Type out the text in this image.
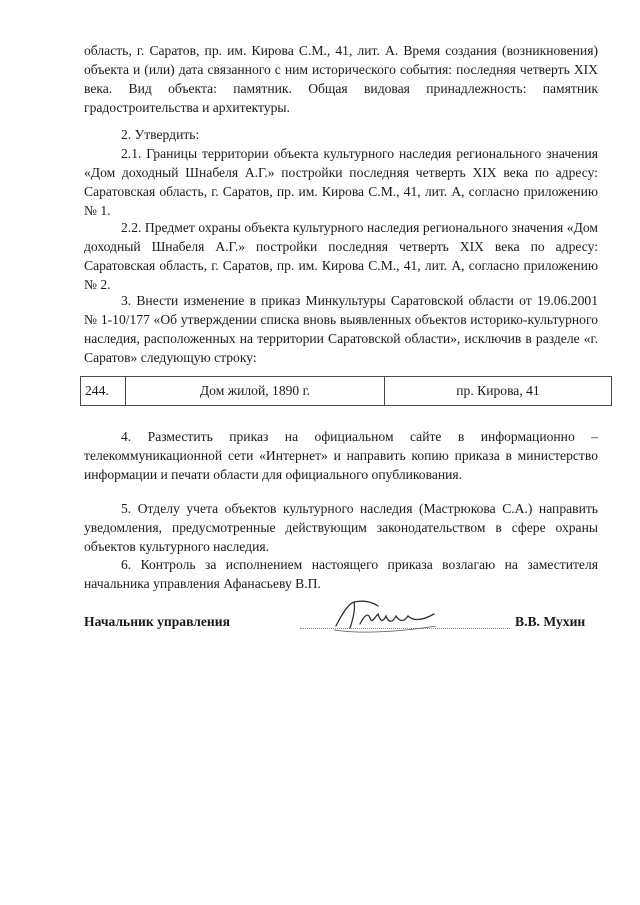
область, г. Саратов, пр. им. Кирова С.М., 41, лит. А. Время создания (возникновения) объекта и (или) дата связанного с ним исторического события: последняя четверть XIX века. Вид объекта: памятник. Общая видовая принадлежность: памятник градостроительства и архитектуры.

2. Утвердить:

2.1. Границы территории объекта культурного наследия регионального значения «Дом доходный Шнабеля А.Г.» постройки последняя четверть XIX века по адресу: Саратовская область, г. Саратов, пр. им. Кирова С.М., 41, лит. А, согласно приложению № 1.

2.2. Предмет охраны объекта культурного наследия регионального значения «Дом доходный Шнабеля А.Г.» постройки последняя четверть XIX века по адресу: Саратовская область, г. Саратов, пр. им. Кирова С.М., 41, лит. А, согласно приложению № 2.

3. Внести изменение в приказ Минкультуры Саратовской области от 19.06.2001 № 1-10/177 «Об утверждении списка вновь выявленных объектов историко-культурного наследия, расположенных на территории Саратовской области», исключив в разделе «г. Саратов» следующую строку:

244.	Дом жилой, 1890 г.	пр. Кирова, 41

4. Разместить приказ на официальном сайте в информационно – телекоммуникационной сети «Интернет» и направить копию приказа в министерство информации и печати области для официального опубликования.

5. Отделу учета объектов культурного наследия (Мастрюкова С.А.) направить уведомления, предусмотренные действующим законодательством в сфере охраны объектов культурного наследия.

6. Контроль за исполнением настоящего приказа возлагаю на заместителя начальника управления Афанасьеву В.П.

Начальник управления	В.В. Мухин
